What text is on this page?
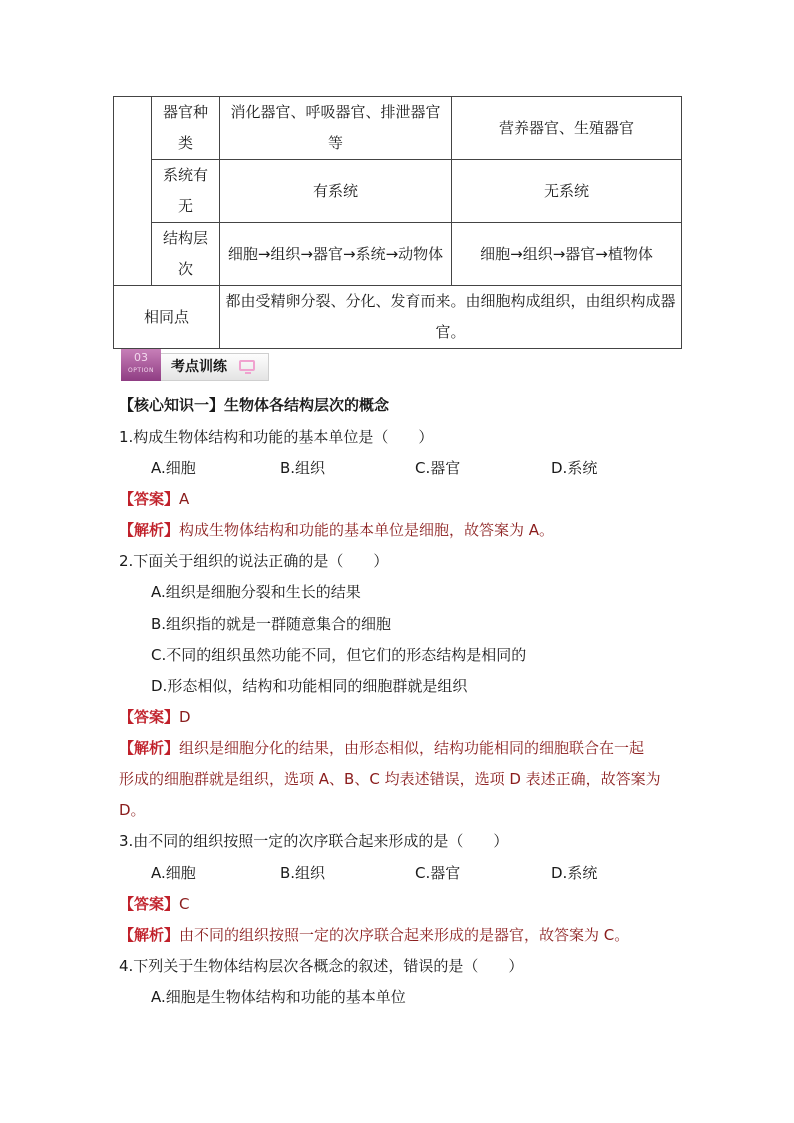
	器官种类	消化器官、呼吸器官、排泄器官等	营养器官、生殖器官
	系统有无	有系统	无系统
	结构层次	细胞→组织→器官→系统→动物体	细胞→组织→器官→植物体
相同点		都由受精卵分裂、分化、发育而来。由细胞构成组织，由组织构成器官。	
03
OPTION	考点训练
【核心知识一】生物体各结构层次的概念
1.构成生物体结构和功能的基本单位是（　　）
A.细胞	B.组织	C.器官	D.系统
【答案】A
【解析】构成生物体结构和功能的基本单位是细胞，故答案为 A。
2.下面关于组织的说法正确的是（　　）
A.组织是细胞分裂和生长的结果
B.组织指的就是一群随意集合的细胞
C.不同的组织虽然功能不同，但它们的形态结构是相同的
D.形态相似，结构和功能相同的细胞群就是组织
【答案】D
【解析】组织是细胞分化的结果，由形态相似，结构功能相同的细胞联合在一起
形成的细胞群就是组织，选项 A、B、C 均表述错误，选项 D 表述正确，故答案为
D。
3.由不同的组织按照一定的次序联合起来形成的是（　　）
A.细胞	B.组织	C.器官	D.系统
【答案】C
【解析】由不同的组织按照一定的次序联合起来形成的是器官，故答案为 C。
4.下列关于生物体结构层次各概念的叙述，错误的是（　　）
A.细胞是生物体结构和功能的基本单位
